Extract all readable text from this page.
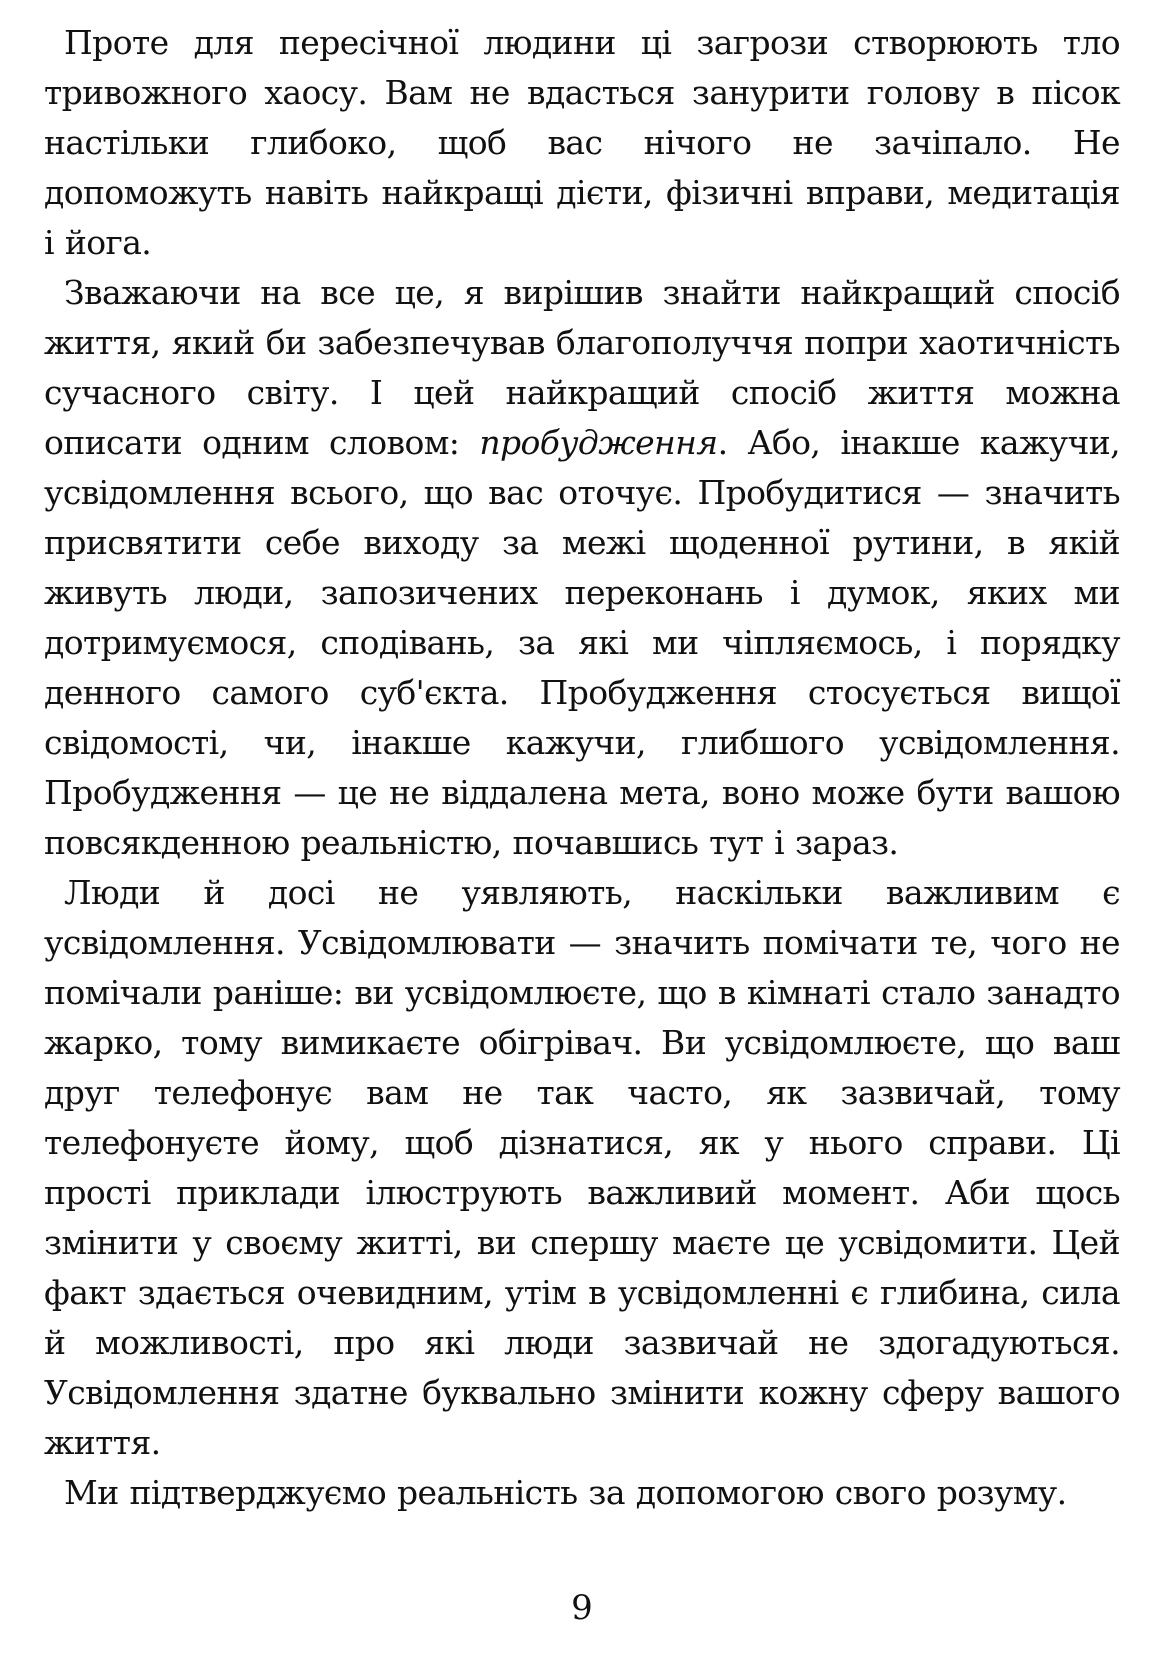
Проте для пересічної людини ці загрози створюють тло тривожного хаосу. Вам не вдасться занурити голову в пісок настільки глибоко, щоб вас нічого не зачіпало. Не допоможуть навіть найкращі дієти, фізичні вправи, медитація і йога.

Зважаючи на все це, я вирішив знайти найкращий спосіб життя, який би забезпечував благополуччя попри хаотичність сучасного світу. І цей найкращий спосіб життя можна описати одним словом: пробудження. Або, інакше кажучи, усвідомлення всього, що вас оточує. Пробудитися — значить присвятити себе виходу за межі щоденної рутини, в якій живуть люди, запозичених переконань і думок, яких ми дотримуємося, сподівань, за які ми чіпляємось, і порядку денного самого суб'єкта. Пробудження стосується вищої свідомості, чи, інакше кажучи, глибшого усвідомлення. Пробудження — це не віддалена мета, воно може бути вашою повсякденною реальністю, почавшись тут і зараз.

Люди й досі не уявляють, наскільки важливим є усвідомлення. Усвідомлювати — значить помічати те, чого не помічали раніше: ви усвідомлюєте, що в кімнаті стало занадто жарко, тому вимикаєте обігрівач. Ви усвідомлюєте, що ваш друг телефонує вам не так часто, як зазвичай, тому телефонуєте йому, щоб дізнатися, як у нього справи. Ці прості приклади ілюструють важливий момент. Аби щось змінити у своєму житті, ви спершу маєте це усвідомити. Цей факт здається очевидним, утім в усвідомленні є глибина, сила й можливості, про які люди зазвичай не здогадуються. Усвідомлення здатне буквально змінити кожну сферу вашого життя.

Ми підтверджуємо реальність за допомогою свого розуму.

9
